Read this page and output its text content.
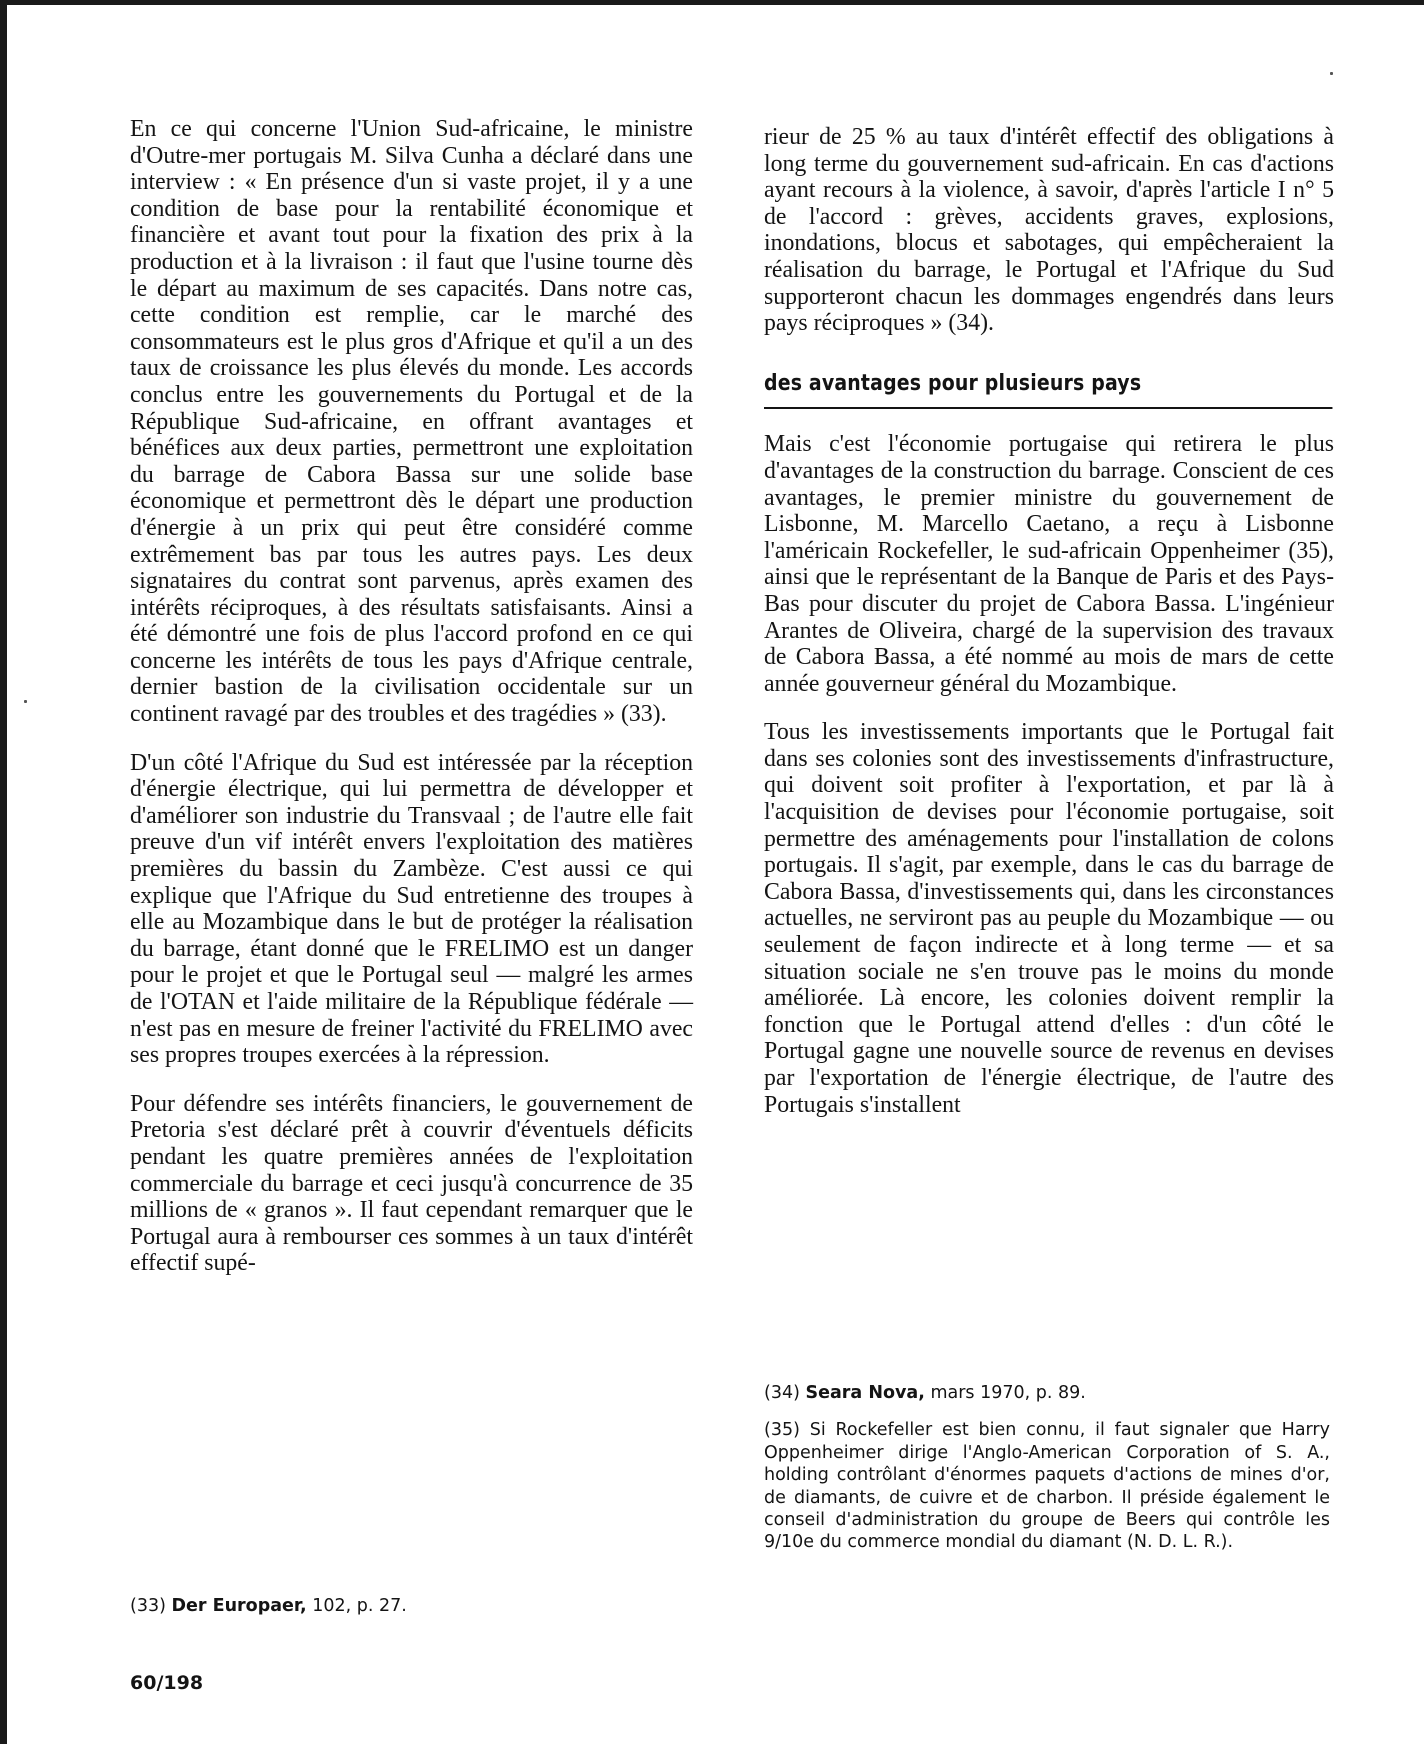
En ce qui concerne l'Union Sud-africaine, le ministre d'Outre-mer portugais M. Silva Cunha a déclaré dans une interview : « En présence d'un si vaste projet, il y a une condition de base pour la rentabilité économique et financière et avant tout pour la fixation des prix à la production et à la livraison : il faut que l'usine tourne dès le départ au maximum de ses capacités. Dans notre cas, cette condition est remplie, car le marché des consommateurs est le plus gros d'Afrique et qu'il a un des taux de croissance les plus élevés du monde. Les accords conclus entre les gouvernements du Portugal et de la République Sud-africaine, en offrant avantages et bénéfices aux deux parties, permettront une exploitation du barrage de Cabora Bassa sur une solide base économique et permettront dès le départ une production d'énergie à un prix qui peut être considéré comme extrêmement bas par tous les autres pays. Les deux signataires du contrat sont parvenus, après examen des intérêts réciproques, à des résultats satisfaisants. Ainsi a été démontré une fois de plus l'accord profond en ce qui concerne les intérêts de tous les pays d'Afrique centrale, dernier bastion de la civilisation occidentale sur un continent ravagé par des troubles et des tragédies » (33).

D'un côté l'Afrique du Sud est intéressée par la réception d'énergie électrique, qui lui permettra de développer et d'améliorer son industrie du Transvaal ; de l'autre elle fait preuve d'un vif intérêt envers l'exploitation des matières premières du bassin du Zambèze. C'est aussi ce qui explique que l'Afrique du Sud entretienne des troupes à elle au Mozambique dans le but de protéger la réalisation du barrage, étant donné que le FRELIMO est un danger pour le projet et que le Portugal seul — malgré les armes de l'OTAN et l'aide militaire de la République fédérale — n'est pas en mesure de freiner l'activité du FRELIMO avec ses propres troupes exercées à la répression.

Pour défendre ses intérêts financiers, le gouvernement de Pretoria s'est déclaré prêt à couvrir d'éventuels déficits pendant les quatre premières années de l'exploitation commerciale du barrage et ceci jusqu'à concurrence de 35 millions de « granos ». Il faut cependant remarquer que le Portugal aura à rembourser ces sommes à un taux d'intérêt effectif supé-

rieur de 25 % au taux d'intérêt effectif des obligations à long terme du gouvernement sud-africain. En cas d'actions ayant recours à la violence, à savoir, d'après l'article I n° 5 de l'accord : grèves, accidents graves, explosions, inondations, blocus et sabotages, qui empêcheraient la réalisation du barrage, le Portugal et l'Afrique du Sud supporteront chacun les dommages engendrés dans leurs pays réciproques » (34).

des avantages pour plusieurs pays

Mais c'est l'économie portugaise qui retirera le plus d'avantages de la construction du barrage. Conscient de ces avantages, le premier ministre du gouvernement de Lisbonne, M. Marcello Caetano, a reçu à Lisbonne l'américain Rockefeller, le sud-africain Oppenheimer (35), ainsi que le représentant de la Banque de Paris et des Pays-Bas pour discuter du projet de Cabora Bassa. L'ingénieur Arantes de Oliveira, chargé de la supervision des travaux de Cabora Bassa, a été nommé au mois de mars de cette année gouverneur général du Mozambique.

Tous les investissements importants que le Portugal fait dans ses colonies sont des investissements d'infrastructure, qui doivent soit profiter à l'exportation, et par là à l'acquisition de devises pour l'économie portugaise, soit permettre des aménagements pour l'installation de colons portugais. Il s'agit, par exemple, dans le cas du barrage de Cabora Bassa, d'investissements qui, dans les circonstances actuelles, ne serviront pas au peuple du Mozambique — ou seulement de façon indirecte et à long terme — et sa situation sociale ne s'en trouve pas le moins du monde améliorée. Là encore, les colonies doivent remplir la fonction que le Portugal attend d'elles : d'un côté le Portugal gagne une nouvelle source de revenus en devises par l'exportation de l'énergie électrique, de l'autre des Portugais s'installent

(33) Der Europaer, 102, p. 27.

(34) Seara Nova, mars 1970, p. 89.

(35) Si Rockefeller est bien connu, il faut signaler que Harry Oppenheimer dirige l'Anglo-American Corporation of S. A., holding contrôlant d'énormes paquets d'actions de mines d'or, de diamants, de cuivre et de charbon. Il préside également le conseil d'administration du groupe de Beers qui contrôle les 9/10e du commerce mondial du diamant (N. D. L. R.).

60/198
